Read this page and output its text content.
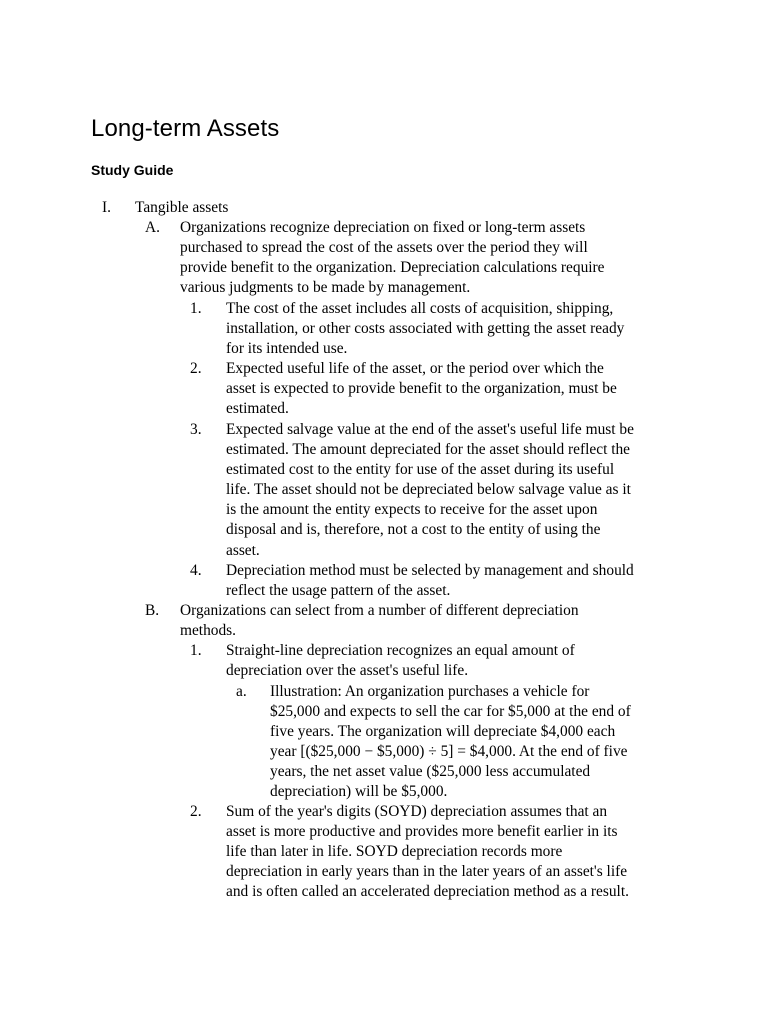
Long-term Assets
Study Guide
I. Tangible assets
A. Organizations recognize depreciation on fixed or long-term assets
purchased to spread the cost of the assets over the period they will
provide benefit to the organization. Depreciation calculations require
various judgments to be made by management.

1. The cost of the asset includes all costs of acquisition, shipping,
installation, or other costs associated with getting the asset ready
for its intended use.

2. Expected useful life of the asset, or the period over which the
asset is expected to provide benefit to the organization, must be
estimated.

3. Expected salvage value at the end of the asset's useful life must be
estimated. The amount depreciated for the asset should reflect the
estimated cost to the entity for use of the asset during its useful
life. The asset should not be depreciated below salvage value as it
is the amount the entity expects to receive for the asset upon
disposal and is, therefore, not a cost to the entity of using the
asset.

4. Depreciation method must be selected by management and should
reflect the usage pattern of the asset.

B. Organizations can select from a number of different depreciation
methods.

1. Straight-line depreciation recognizes an equal amount of
depreciation over the asset's useful life.

a. Illustration: An organization purchases a vehicle for
$25,000 and expects to sell the car for $5,000 at the end of
five years. The organization will depreciate $4,000 each
year [($25,000 − $5,000) ÷ 5] = $4,000. At the end of five
years, the net asset value ($25,000 less accumulated
depreciation) will be $5,000.

2. Sum of the year's digits (SOYD) depreciation assumes that an
asset is more productive and provides more benefit earlier in its
life than later in life. SOYD depreciation records more
depreciation in early years than in the later years of an asset's life
and is often called an accelerated depreciation method as a result.
